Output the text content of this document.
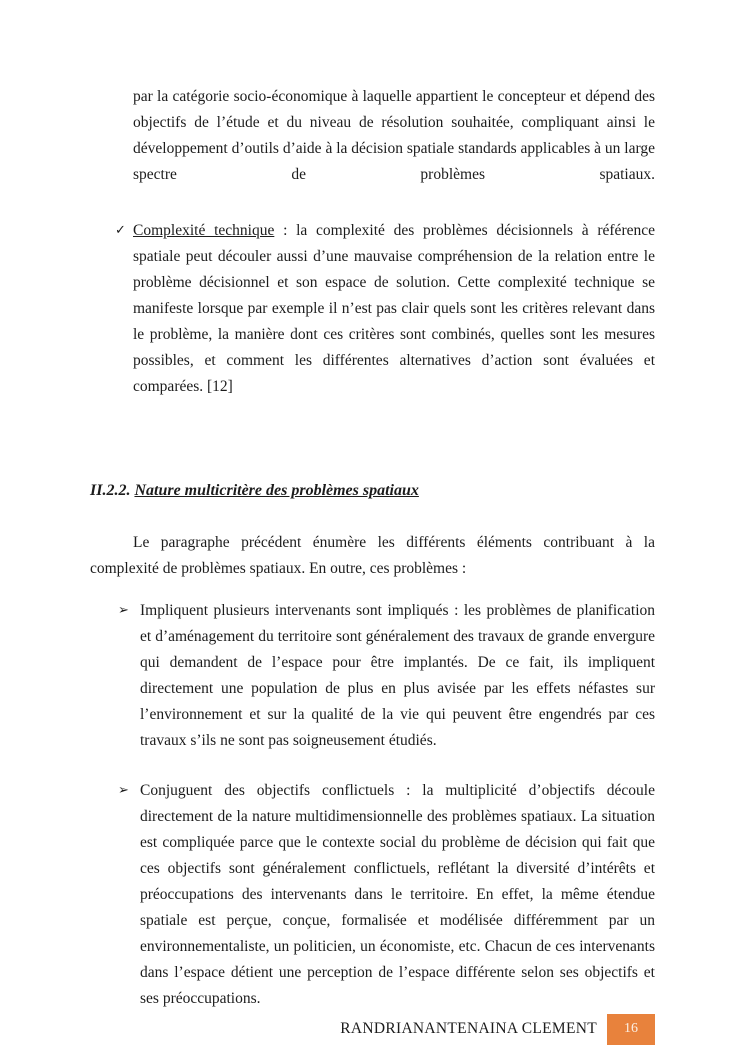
par la catégorie socio-économique à laquelle appartient le concepteur et dépend des objectifs de l’étude et du niveau de résolution souhaitée, compliquant ainsi le développement d’outils d’aide à la décision spatiale standards applicables à un large spectre de problèmes spatiaux.

✓ Complexité technique : la complexité des problèmes décisionnels à référence spatiale peut découler aussi d’une mauvaise compréhension de la relation entre le problème décisionnel et son espace de solution. Cette complexité technique se manifeste lorsque par exemple il n’est pas clair quels sont les critères relevant dans le problème, la manière dont ces critères sont combinés, quelles sont les mesures possibles, et comment les différentes alternatives d’action sont évaluées et comparées. [12]
II.2.2. Nature multicritère des problèmes spatiaux

Le paragraphe précédent énumère les différents éléments contribuant à la complexité de problèmes spatiaux. En outre, ces problèmes :

➢ Impliquent plusieurs intervenants sont impliqués : les problèmes de planification et d’aménagement du territoire sont généralement des travaux de grande envergure qui demandent de l’espace pour être implantés. De ce fait, ils impliquent directement une population de plus en plus avisée par les effets néfastes sur l’environnement et sur la qualité de la vie qui peuvent être engendrés par ces travaux s’ils ne sont pas soigneusement étudiés.
➢ Conjuguent des objectifs conflictuels : la multiplicité d’objectifs découle directement de la nature multidimensionnelle des problèmes spatiaux. La situation est compliquée parce que le contexte social du problème de décision qui fait que ces objectifs sont généralement conflictuels, reflétant la diversité d’intérêts et préoccupations des intervenants dans le territoire. En effet, la même étendue spatiale est perçue, conçue, formalisée et modélisée différemment par un environnementaliste, un politicien, un économiste, etc. Chacun de ces intervenants dans l’espace détient une perception de l’espace différente selon ses objectifs et ses préoccupations.
RANDRIANANTENAINA CLEMENT 16
